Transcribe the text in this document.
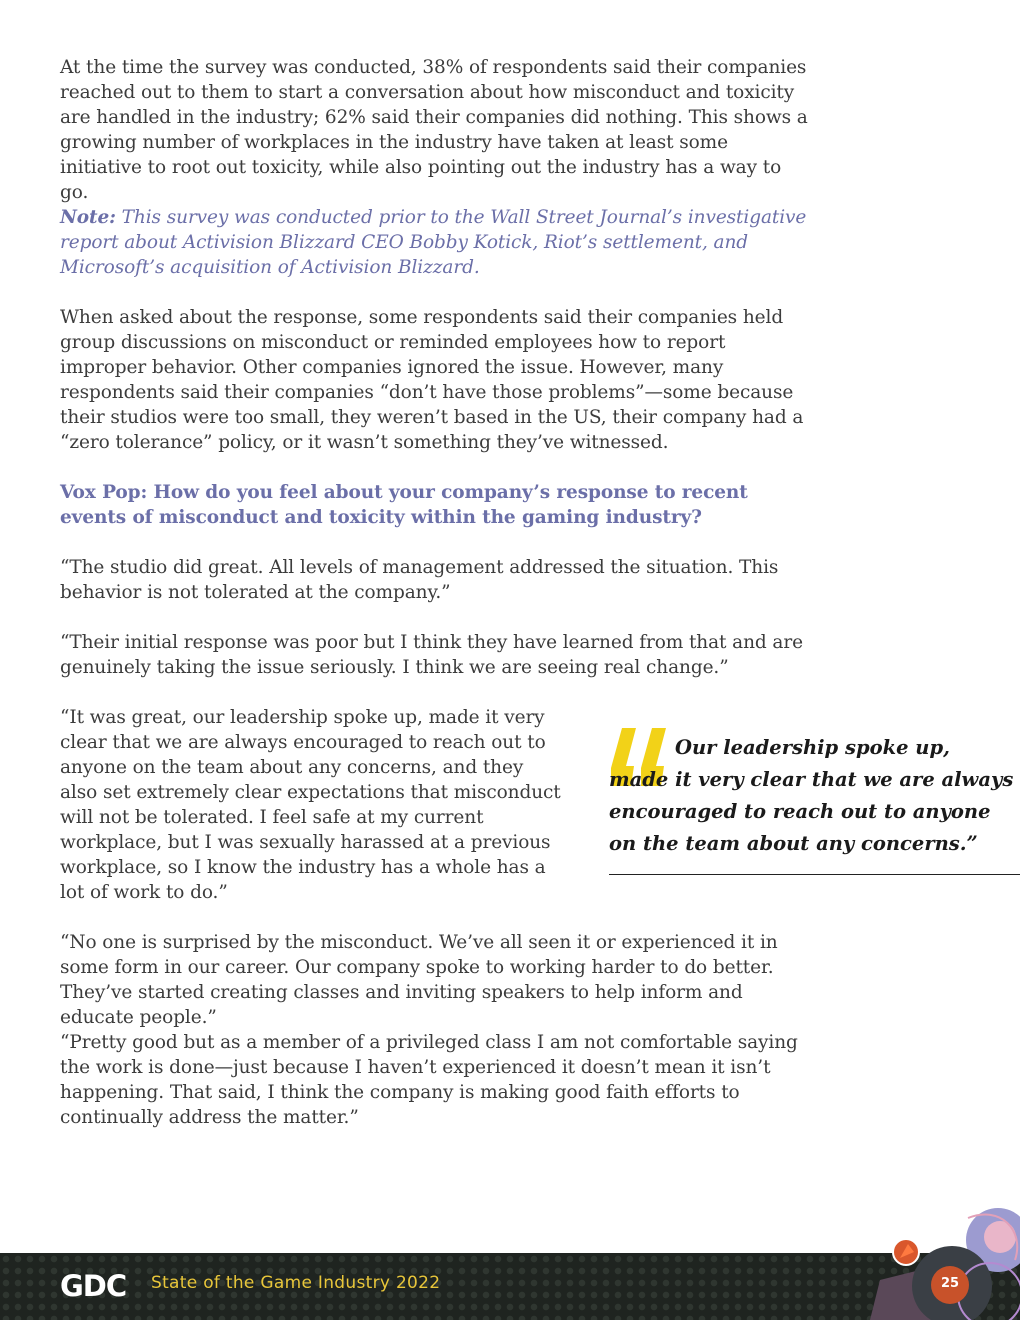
At the time the survey was conducted, 38% of respondents said their companies reached out to them to start a conversation about how misconduct and toxicity are handled in the industry; 62% said their companies did nothing. This shows a growing number of workplaces in the industry have taken at least some initiative to root out toxicity, while also pointing out the industry has a way to go.

Note: This survey was conducted prior to the Wall Street Journal’s investigative report about Activision Blizzard CEO Bobby Kotick, Riot’s settlement, and Microsoft’s acquisition of Activision Blizzard.

When asked about the response, some respondents said their companies held group discussions on misconduct or reminded employees how to report improper behavior. Other companies ignored the issue. However, many respondents said their companies “don’t have those problems”—some because their studios were too small, they weren’t based in the US, their company had a “zero tolerance” policy, or it wasn’t something they’ve witnessed.

Vox Pop: How do you feel about your company’s response to recent events of misconduct and toxicity within the gaming industry?

“The studio did great. All levels of management addressed the situation. This behavior is not tolerated at the company.”

“Their initial response was poor but I think they have learned from that and are genuinely taking the issue seriously. I think we are seeing real change.”

“It was great, our leadership spoke up, made it very clear that we are always encouraged to reach out to anyone on the team about any concerns, and they also set extremely clear expectations that misconduct will not be tolerated. I feel safe at my current workplace, but I was sexually harassed at a previous workplace, so I know the industry has a whole has a lot of work to do.”

Our leadership spoke up, made it very clear that we are always encouraged to reach out to anyone on the team about any concerns.”

“No one is surprised by the misconduct. We’ve all seen it or experienced it in some form in our career. Our company spoke to working harder to do better. They’ve started creating classes and inviting speakers to help inform and educate people.”

“Pretty good but as a member of a privileged class I am not comfortable saying the work is done—just because I haven’t experienced it doesn’t mean it isn’t happening. That said, I think the company is making good faith efforts to continually address the matter.”

GDC State of the Game Industry 2022	25
